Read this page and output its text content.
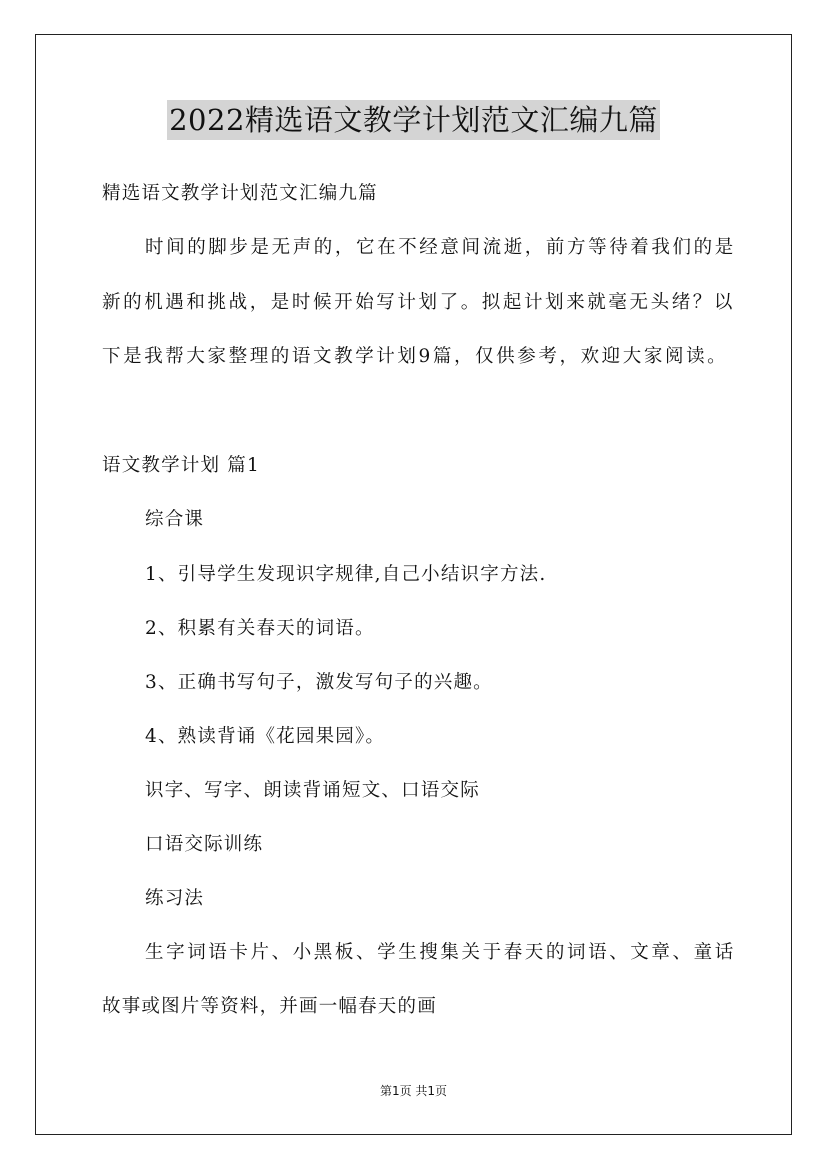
2022精选语文教学计划范文汇编九篇
精选语文教学计划范文汇编九篇
时间的脚步是无声的，它在不经意间流逝，前方等待着我们的是
新的机遇和挑战，是时候开始写计划了。拟起计划来就毫无头绪？以
下是我帮大家整理的语文教学计划9篇，仅供参考，欢迎大家阅读。
语文教学计划 篇1
综合课
1、引导学生发现识字规律,自己小结识字方法.
2、积累有关春天的词语。
3、正确书写句子，激发写句子的兴趣。
4、熟读背诵《花园果园》。
识字、写字、朗读背诵短文、口语交际
口语交际训练
练习法
生字词语卡片、小黑板、学生搜集关于春天的词语、文章、童话
故事或图片等资料，并画一幅春天的画
第1页 共1页
